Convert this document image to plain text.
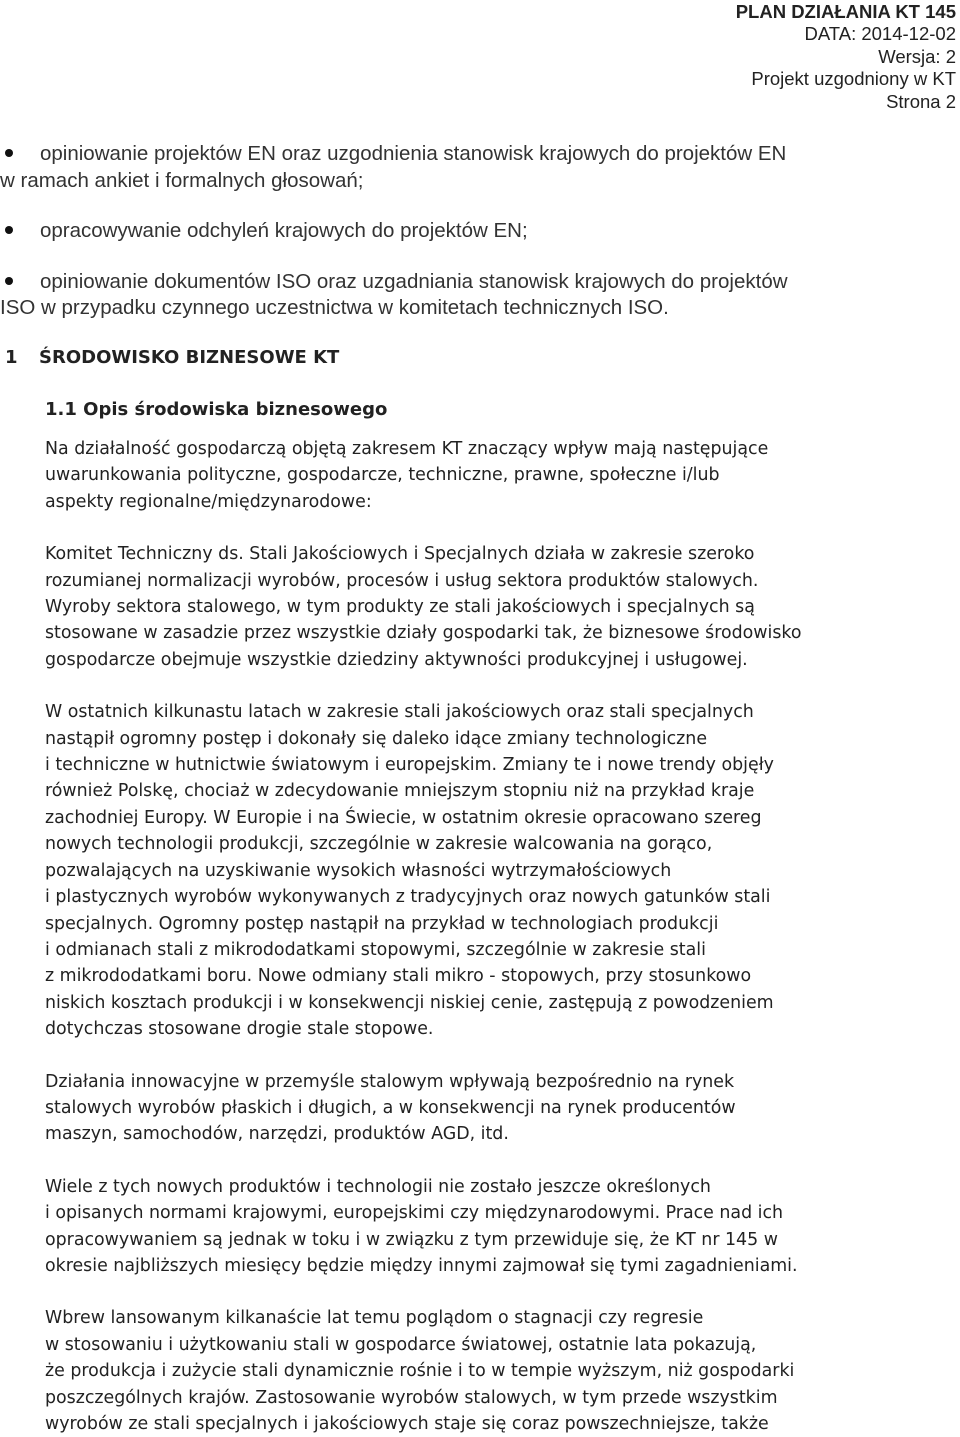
PLAN DZIAŁANIA KT 145
DATA: 2014-12-02
Wersja: 2
Projekt uzgodniony w KT
Strona 2
opiniowanie projektów EN oraz uzgodnienia stanowisk krajowych do projektów EN
w ramach ankiet i formalnych głosowań;
opracowywanie odchyleń krajowych do projektów EN;
opiniowanie dokumentów ISO oraz uzgadniania stanowisk krajowych do projektów
ISO w przypadku czynnego uczestnictwa w komitetach technicznych ISO.
1 ŚRODOWISKO BIZNESOWE KT
1.1 Opis środowiska biznesowego
Na działalność gospodarczą objętą zakresem KT znaczący wpływ mają następujące
uwarunkowania polityczne, gospodarcze, techniczne, prawne, społeczne i/lub
aspekty regionalne/międzynarodowe:
Komitet Techniczny ds. Stali Jakościowych i Specjalnych działa w zakresie szeroko
rozumianej normalizacji wyrobów, procesów i usług sektora produktów stalowych.
Wyroby sektora stalowego, w tym produkty ze stali jakościowych i specjalnych są
stosowane w zasadzie przez wszystkie działy gospodarki tak, że biznesowe środowisko
gospodarcze obejmuje wszystkie dziedziny aktywności produkcyjnej i usługowej.
W ostatnich kilkunastu latach w zakresie stali jakościowych oraz stali specjalnych
nastąpił ogromny postęp i dokonały się daleko idące zmiany technologiczne
i techniczne w hutnictwie światowym i europejskim. Zmiany te i nowe trendy objęły
również Polskę, chociaż w zdecydowanie mniejszym stopniu niż na przykład kraje
zachodniej Europy. W Europie i na Świecie, w ostatnim okresie opracowano szereg
nowych technologii produkcji, szczególnie w zakresie walcowania na gorąco,
pozwalających na uzyskiwanie wysokich własności wytrzymałościowych
i plastycznych wyrobów wykonywanych z tradycyjnych oraz nowych gatunków stali
specjalnych. Ogromny postęp nastąpił na przykład w technologiach produkcji
i odmianach stali z mikrododatkami stopowymi, szczególnie w zakresie stali
z mikrododatkami boru. Nowe odmiany stali mikro - stopowych, przy stosunkowo
niskich kosztach produkcji i w konsekwencji niskiej cenie, zastępują z powodzeniem
dotychczas stosowane drogie stale stopowe.
Działania innowacyjne w przemyśle stalowym wpływają bezpośrednio na rynek
stalowych wyrobów płaskich i długich, a w konsekwencji na rynek producentów
maszyn, samochodów, narzędzi, produktów AGD, itd.
Wiele z tych nowych produktów i technologii nie zostało jeszcze określonych
i opisanych normami krajowymi, europejskimi czy międzynarodowymi. Prace nad ich
opracowywaniem są jednak w toku i w związku z tym przewiduje się, że KT nr 145 w
okresie najbliższych miesięcy będzie między innymi zajmował się tymi zagadnieniami.
Wbrew lansowanym kilkanaście lat temu poglądom o stagnacji czy regresie
w stosowaniu i użytkowaniu stali w gospodarce światowej, ostatnie lata pokazują,
że produkcja i zużycie stali dynamicznie rośnie i to w tempie wyższym, niż gospodarki
poszczególnych krajów. Zastosowanie wyrobów stalowych, w tym przede wszystkim
wyrobów ze stali specjalnych i jakościowych staje się coraz powszechniejsze, także
